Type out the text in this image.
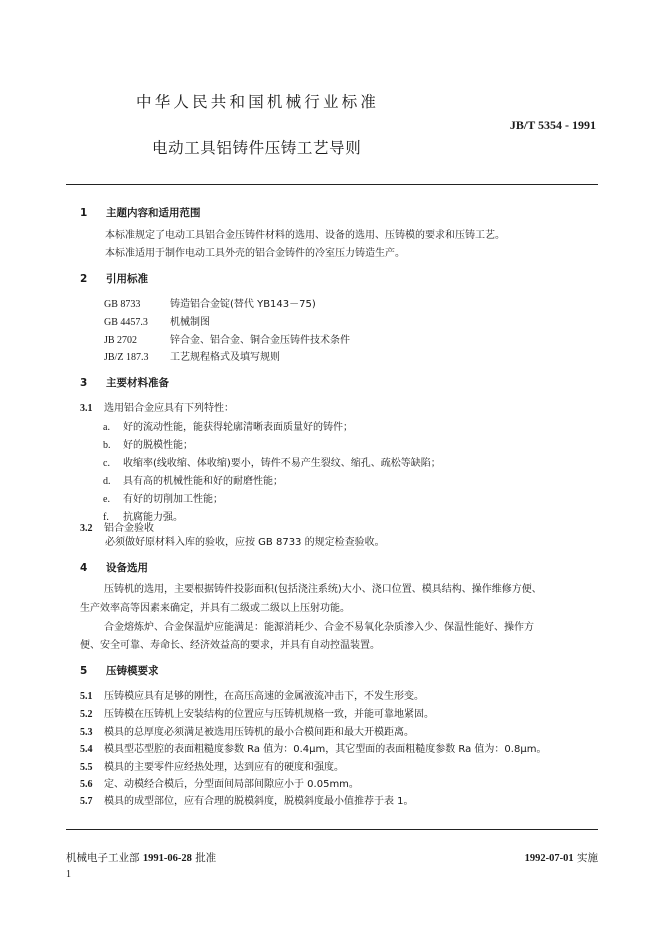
中华人民共和国机械行业标准
JB/T 5354 - 1991
电动工具铝铸件压铸工艺导则
1 主题内容和适用范围
本标准规定了电动工具铝合金压铸件材料的选用、设备的选用、压铸模的要求和压铸工艺。
本标准适用于制作电动工具外壳的铝合金铸件的冷室压力铸造生产。
2 引用标准
GB 8733	铸造铝合金锭(替代 YB143－75)
GB 4457.3 机械制图
JB 2702	锌合金、铝合金、铜合金压铸件技术条件
JB/Z 187.3 工艺规程格式及填写规则
3 主要材料准备
3.1 选用铝合金应具有下列特性：
a. 好的流动性能，能获得轮廓清晰表面质量好的铸件；
b. 好的脱模性能；
c. 收缩率(线收缩、体收缩)要小，铸件不易产生裂纹、缩孔、疏松等缺陷；
d. 具有高的机械性能和好的耐磨性能；
e. 有好的切削加工性能；
f. 抗腐能力强。
3.2 铝合金验收
必须做好原材料入库的验收，应按 GB 8733 的规定检查验收。
4 设备选用
压铸机的选用，主要根据铸件投影面积(包括浇注系统)大小、浇口位置、模具结构、操作维修方便、
生产效率高等因素来确定，并具有二级或二级以上压射功能。
合金熔炼炉、合金保温炉应能满足：能源消耗少、合金不易氧化杂质渗入少、保温性能好、操作方
便、安全可靠、寿命长、经济效益高的要求，并具有自动控温装置。
5 压铸模要求
5.1 压铸模应具有足够的刚性，在高压高速的金属液流冲击下，不发生形变。
5.2 压铸模在压铸机上安装结构的位置应与压铸机规格一致，并能可靠地紧固。
5.3 模具的总厚度必须满足被选用压铸机的最小合模间距和最大开模距离。
5.4 模具型芯型腔的表面粗糙度参数 Ra 值为：0.4μm，其它型面的表面粗糙度参数 Ra 值为：0.8μm。
5.5 模具的主要零件应经热处理，达到应有的硬度和强度。
5.6 定、动模经合模后，分型面间局部间隙应小于 0.05mm。
5.7 模具的成型部位，应有合理的脱模斜度，脱模斜度最小值推荐于表 1。
机械电子工业部 1991-06-28 批准	1992-07-01 实施
1
